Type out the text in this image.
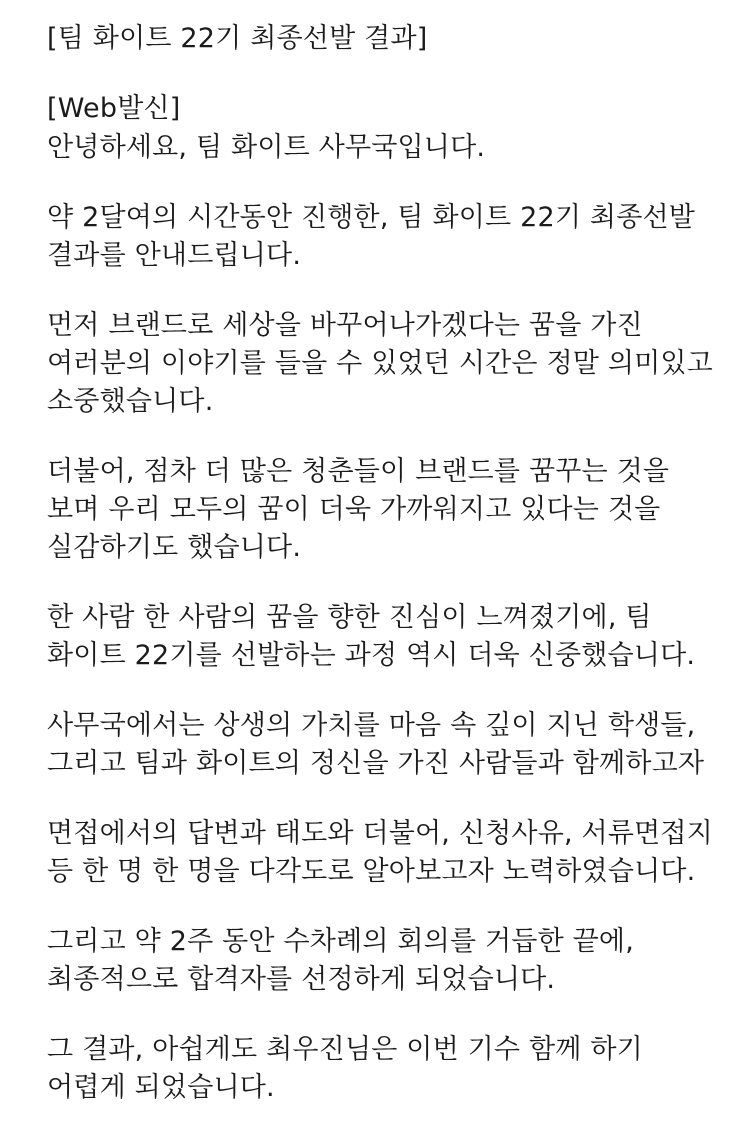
[팀 화이트 22기 최종선발 결과]
[Web발신]
안녕하세요, 팀 화이트 사무국입니다.
약 2달여의 시간동안 진행한, 팀 화이트 22기 최종선발
결과를 안내드립니다.
먼저 브랜드로 세상을 바꾸어나가겠다는 꿈을 가진
여러분의 이야기를 들을 수 있었던 시간은 정말 의미있고
소중했습니다.
더불어, 점차 더 많은 청춘들이 브랜드를 꿈꾸는 것을
보며 우리 모두의 꿈이 더욱 가까워지고 있다는 것을
실감하기도 했습니다.
한 사람 한 사람의 꿈을 향한 진심이 느껴졌기에, 팀
화이트 22기를 선발하는 과정 역시 더욱 신중했습니다.
사무국에서는 상생의 가치를 마음 속 깊이 지닌 학생들,
그리고 팀과 화이트의 정신을 가진 사람들과 함께하고자
면접에서의 답변과 태도와 더불어, 신청사유, 서류면접지
등 한 명 한 명을 다각도로 알아보고자 노력하였습니다.
그리고 약 2주 동안 수차례의 회의를 거듭한 끝에,
최종적으로 합격자를 선정하게 되었습니다.
그 결과, 아쉽게도 최우진님은 이번 기수 함께 하기
어렵게 되었습니다.
